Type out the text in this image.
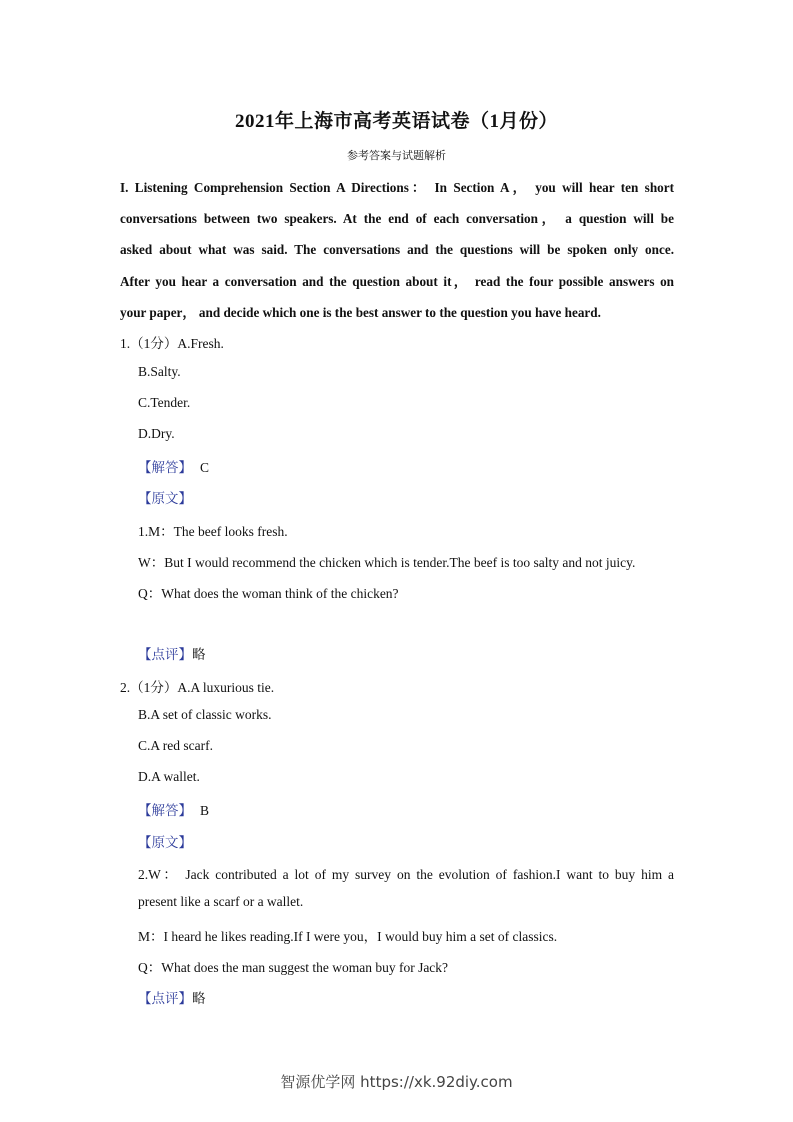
2021年上海市高考英语试卷（1月份）
参考答案与试题解析
I. Listening Comprehension Section A Directions： In Section A， you will hear ten short
conversations between two speakers. At the end of each conversation， a question will be
asked about what was said. The conversations and the questions will be spoken only once.
After you hear a conversation and the question about it， read the four possible answers on
your paper， and decide which one is the best answer to the question you have heard.
1.（1分）A.Fresh.
B.Salty.
C.Tender.
D.Dry.
【解答】 C
【原文】
1.M：The beef looks fresh.
W：But I would recommend the chicken which is tender.The beef is too salty and not juicy.
Q：What does the woman think of the chicken?
【点评】略
2.（1分）A.A luxurious tie.
B.A set of classic works.
C.A red scarf.
D.A wallet.
【解答】 B
【原文】
2.W： Jack contributed a lot of my survey on the evolution of fashion.I want to buy him a
present like a scarf or a wallet.
M：I heard he likes reading.If I were you，I would buy him a set of classics.
Q：What does the man suggest the woman buy for Jack?
【点评】略
智源优学网 https://xk.92diy.com
